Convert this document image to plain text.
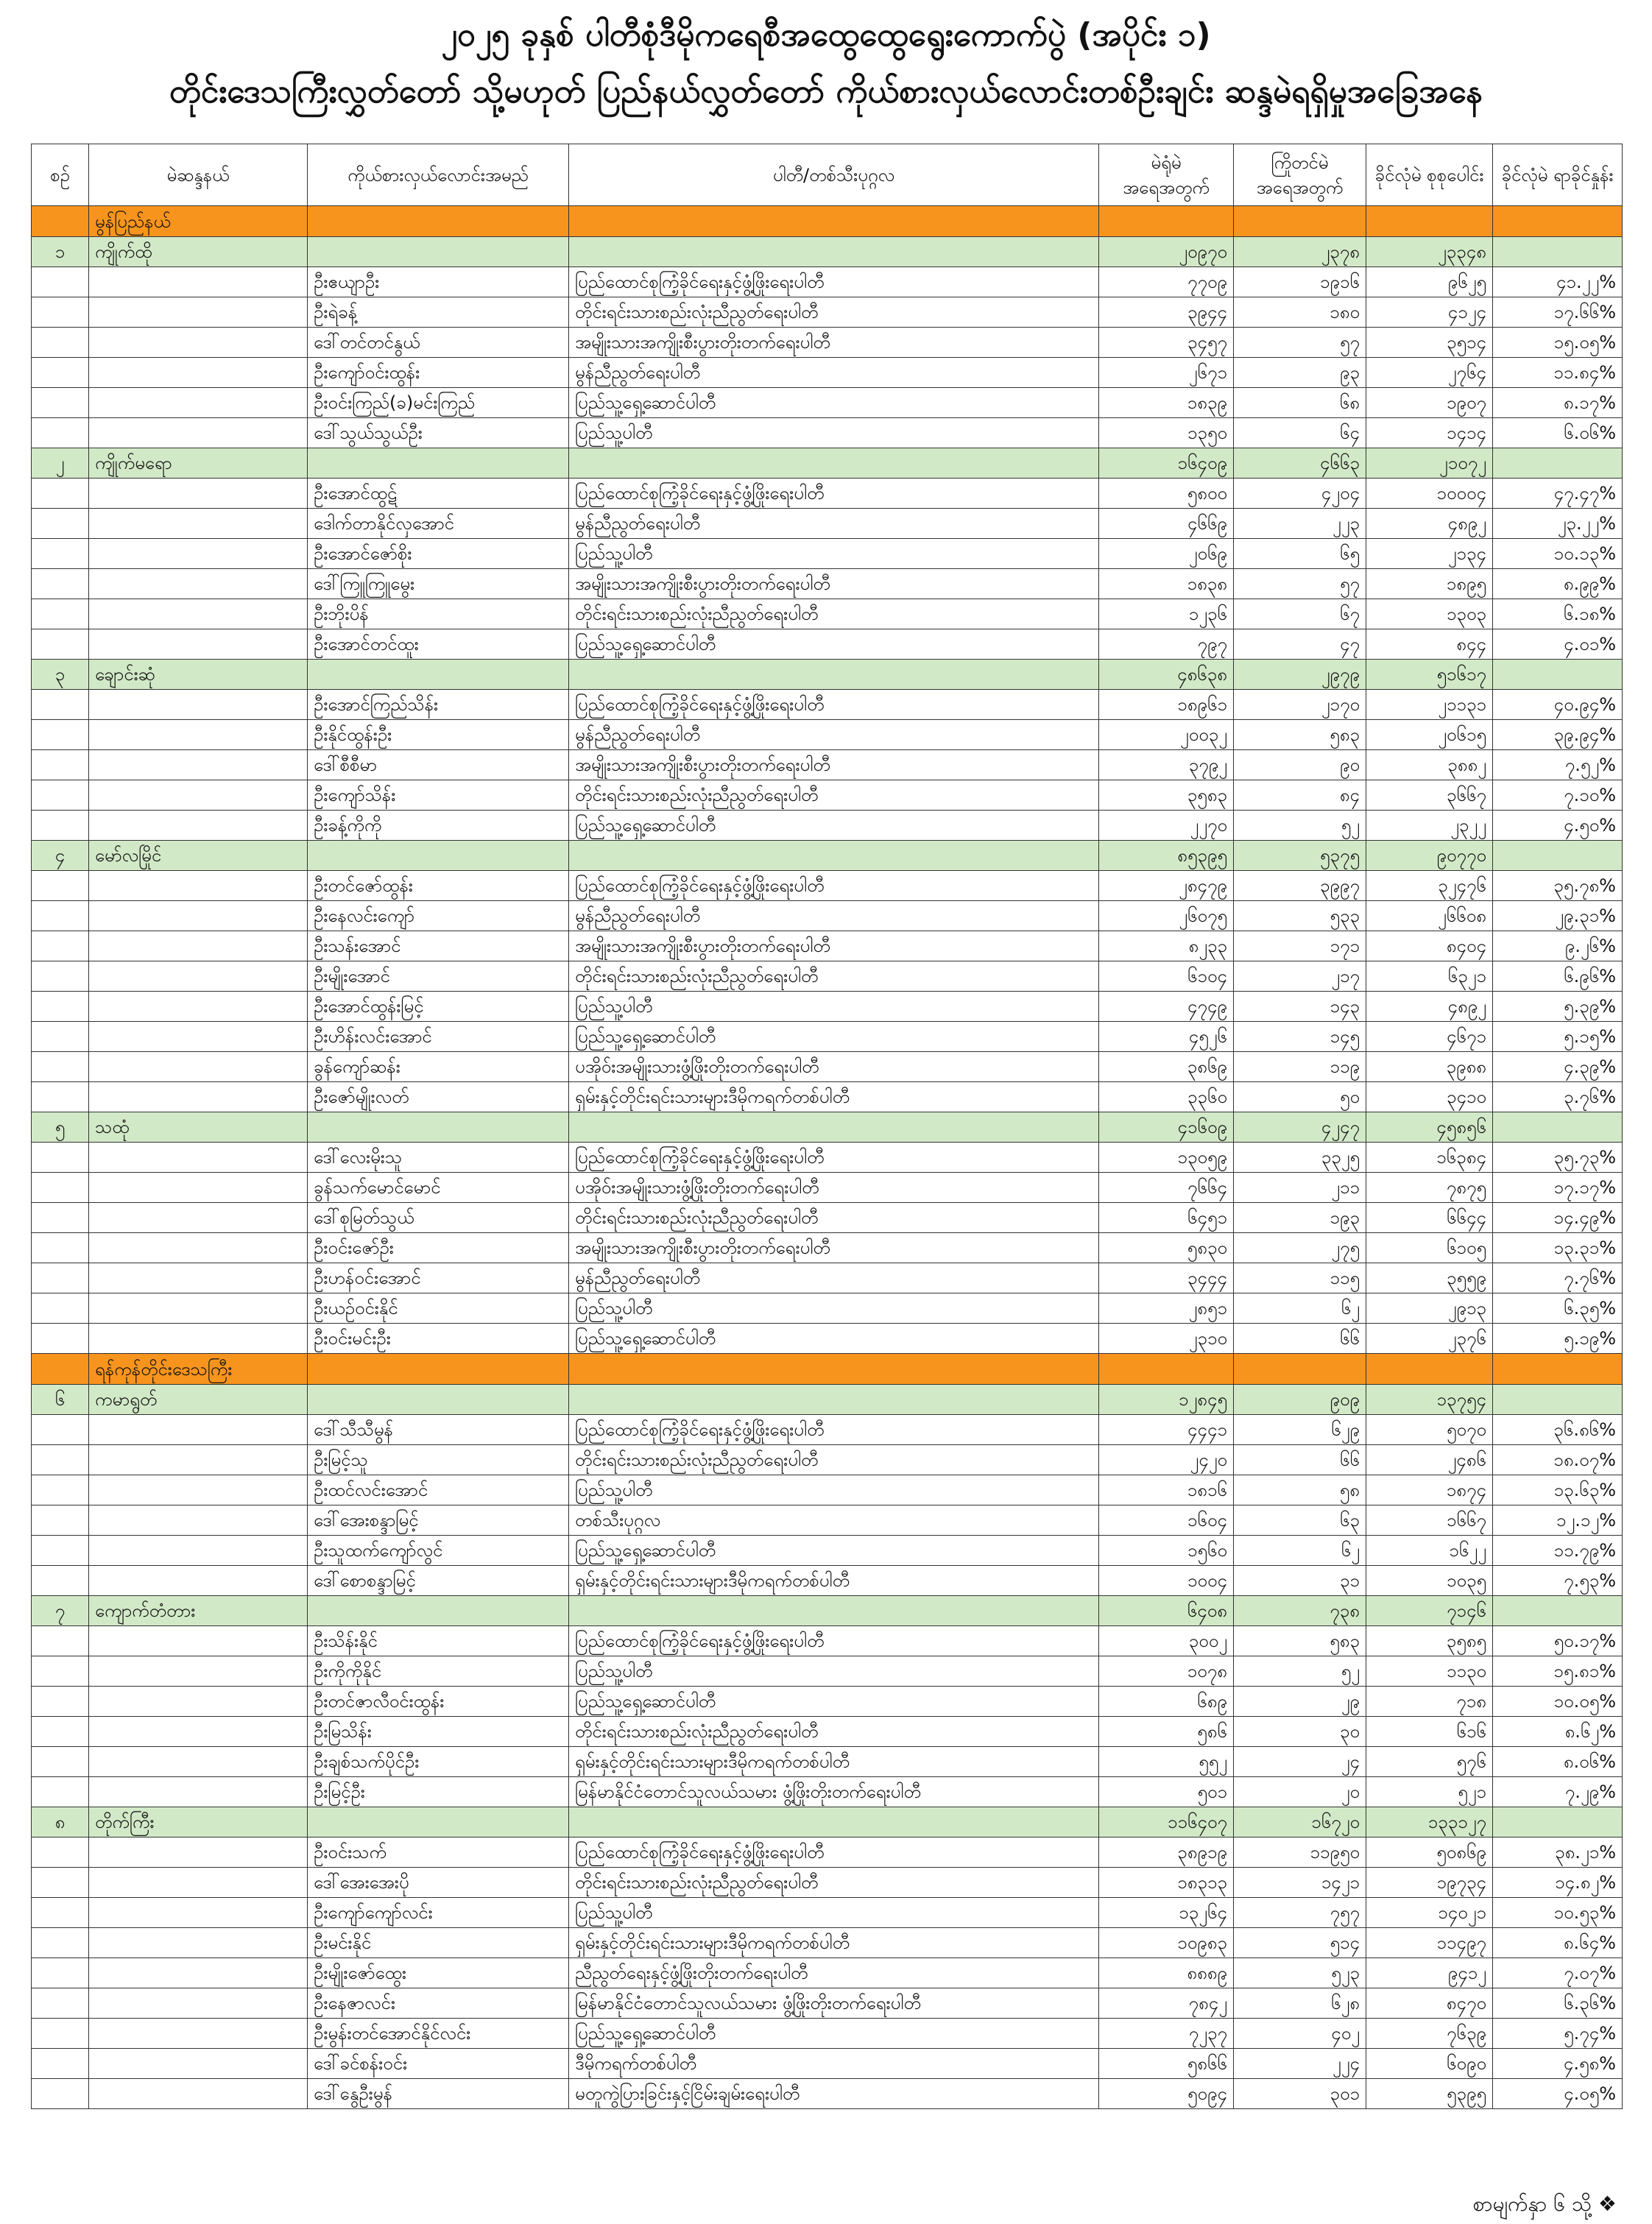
၂၀၂၅ ခုနှစ် ပါတီစုံဒီမိုကရေစီအထွေထွေရွေးကောက်ပွဲ (အပိုင်း ၁)
တိုင်းဒေသကြီးလွှတ်တော် သို့မဟုတ် ပြည်နယ်လွှတ်တော် ကိုယ်စားလှယ်လောင်းတစ်ဦးချင်း ဆန္ဒမဲရရှိမှုအခြေအနေ
စဉ်	မဲဆန္ဒနယ်	ကိုယ်စားလှယ်လောင်းအမည်	ပါတီ/တစ်သီးပုဂ္ဂလ	မဲရုံမဲ အရေအတွက်	ကြိုတင်မဲ အရေအတွက်	ခိုင်လုံမဲ စုစုပေါင်း	ခိုင်လုံမဲ ရာခိုင်နှုန်း
	မွန်ပြည်နယ်						
၁	ကျိုက်ထို			၂၀၉၇၀	၂၃၇၈	၂၃၃၄၈	
		ဦးဧယျာဦး	ပြည်ထောင်စုကြံ့ခိုင်ရေးနှင့်ဖွံ့ဖြိုးရေးပါတီ	၇၇၀၉	၁၉၁၆	၉၆၂၅	၄၁.၂၂%
		ဦးရဲခန့်	တိုင်းရင်းသားစည်းလုံးညီညွတ်ရေးပါတီ	၃၉၄၄	၁၈၀	၄၁၂၄	၁၇.၆၆%
		ဒေါ်တင်တင်နွယ်	အမျိုးသားအကျိုးစီးပွားတိုးတက်ရေးပါတီ	၃၄၅၇	၅၇	၃၅၁၄	၁၅.၀၅%
		ဦးကျော်ဝင်းထွန်း	မွန်ညီညွတ်ရေးပါတီ	၂၆၇၁	၉၃	၂၇၆၄	၁၁.၈၄%
		ဦးဝင်းကြည်(ခ)မင်းကြည်	ပြည်သူ့ရှေ့ဆောင်ပါတီ	၁၈၃၉	၆၈	၁၉၀၇	၈.၁၇%
		ဒေါ်သွယ်သွယ်ဦး	ပြည်သူ့ပါတီ	၁၃၅၀	၆၄	၁၄၁၄	၆.၀၆%
၂	ကျိုက်မရော			၁၆၄၀၉	၄၆၆၃	၂၁၀၇၂	
		ဦးအောင်ထွဋ်	ပြည်ထောင်စုကြံ့ခိုင်ရေးနှင့်ဖွံ့ဖြိုးရေးပါတီ	၅၈၀၀	၄၂၀၄	၁၀၀၀၄	၄၇.၄၇%
		ဒေါက်တာနိုင်လှအောင်	မွန်ညီညွတ်ရေးပါတီ	၄၆၆၉	၂၂၃	၄၈၉၂	၂၃.၂၂%
		ဦးအောင်ဇော်စိုး	ပြည်သူ့ပါတီ	၂၀၆၉	၆၅	၂၁၃၄	၁၀.၁၃%
		ဒေါ်ကြူကြူမွေး	အမျိုးသားအကျိုးစီးပွားတိုးတက်ရေးပါတီ	၁၈၃၈	၅၇	၁၈၉၅	၈.၉၉%
		ဦးဘိုးပိန်	တိုင်းရင်းသားစည်းလုံးညီညွတ်ရေးပါတီ	၁၂၃၆	၆၇	၁၃၀၃	၆.၁၈%
		ဦးအောင်တင်ထူး	ပြည်သူ့ရှေ့ဆောင်ပါတီ	၇၉၇	၄၇	၈၄၄	၄.၀၁%
၃	ချောင်းဆုံ			၄၈၆၃၈	၂၉၇၉	၅၁၆၁၇	
		ဦးအောင်ကြည်သိန်း	ပြည်ထောင်စုကြံ့ခိုင်ရေးနှင့်ဖွံ့ဖြိုးရေးပါတီ	၁၈၉၆၁	၂၁၇၀	၂၁၁၃၁	၄၀.၉၄%
		ဦးနိုင်ထွန်းဦး	မွန်ညီညွတ်ရေးပါတီ	၂၀၀၃၂	၅၈၃	၂၀၆၁၅	၃၉.၉၄%
		ဒေါ်စီစီမာ	အမျိုးသားအကျိုးစီးပွားတိုးတက်ရေးပါတီ	၃၇၉၂	၉၀	၃၈၈၂	၇.၅၂%
		ဦးကျော်သိန်း	တိုင်းရင်းသားစည်းလုံးညီညွတ်ရေးပါတီ	၃၅၈၃	၈၄	၃၆၆၇	၇.၁၀%
		ဦးခန့်ကိုကို	ပြည်သူ့ရှေ့ဆောင်ပါတီ	၂၂၇၀	၅၂	၂၃၂၂	၄.၅၀%
၄	မော်လမြိုင်			၈၅၃၉၅	၅၃၇၅	၉၀၇၇၀	
		ဦးတင်ဇော်ထွန်း	ပြည်ထောင်စုကြံ့ခိုင်ရေးနှင့်ဖွံ့ဖြိုးရေးပါတီ	၂၈၄၇၉	၃၉၉၇	၃၂၄၇၆	၃၅.၇၈%
		ဦးနေလင်းကျော်	မွန်ညီညွတ်ရေးပါတီ	၂၆၀၇၅	၅၃၃	၂၆၆၀၈	၂၉.၃၁%
		ဦးသန်းအောင်	အမျိုးသားအကျိုးစီးပွားတိုးတက်ရေးပါတီ	၈၂၃၃	၁၇၁	၈၄၀၄	၉.၂၆%
		ဦးမျိုးအောင်	တိုင်းရင်းသားစည်းလုံးညီညွတ်ရေးပါတီ	၆၁၀၄	၂၁၇	၆၃၂၁	၆.၉၆%
		ဦးအောင်ထွန်းမြင့်	ပြည်သူ့ပါတီ	၄၇၄၉	၁၄၃	၄၈၉၂	၅.၃၉%
		ဦးဟိန်းလင်းအောင်	ပြည်သူ့ရှေ့ဆောင်ပါတီ	၄၅၂၆	၁၄၅	၄၆၇၁	၅.၁၅%
		ခွန်ကျော်ဆန်း	ပအိုဝ်းအမျိုးသားဖွံ့ဖြိုးတိုးတက်ရေးပါတီ	၃၈၆၉	၁၁၉	၃၉၈၈	၄.၃၉%
		ဦးဇော်မျိုးလတ်	ရှမ်းနှင့်တိုင်းရင်းသားများဒီမိုကရက်တစ်ပါတီ	၃၃၆၀	၅၀	၃၄၁၀	၃.၇၆%
၅	သထုံ			၄၁၆၀၉	၄၂၄၇	၄၅၈၅၆	
		ဒေါ်လေးမိုးသူ	ပြည်ထောင်စုကြံ့ခိုင်ရေးနှင့်ဖွံ့ဖြိုးရေးပါတီ	၁၃၀၅၉	၃၃၂၅	၁၆၃၈၄	၃၅.၇၃%
		ခွန်သက်မောင်မောင်	ပအိုဝ်းအမျိုးသားဖွံ့ဖြိုးတိုးတက်ရေးပါတီ	၇၆၆၄	၂၁၁	၇၈၇၅	၁၇.၁၇%
		ဒေါ်စုမြတ်သွယ်	တိုင်းရင်းသားစည်းလုံးညီညွတ်ရေးပါတီ	၆၄၅၁	၁၉၃	၆၆၄၄	၁၄.၄၉%
		ဦးဝင်းဇော်ဦး	အမျိုးသားအကျိုးစီးပွားတိုးတက်ရေးပါတီ	၅၈၃၀	၂၇၅	၆၁၀၅	၁၃.၃၁%
		ဦးဟန်ဝင်းအောင်	မွန်ညီညွတ်ရေးပါတီ	၃၄၄၄	၁၁၅	၃၅၅၉	၇.၇၆%
		ဦးယဉ်ဝင်းနိုင်	ပြည်သူ့ပါတီ	၂၈၅၁	၆၂	၂၉၁၃	၆.၃၅%
		ဦးဝင်းမင်းဦး	ပြည်သူ့ရှေ့ဆောင်ပါတီ	၂၃၁၀	၆၆	၂၃၇၆	၅.၁၉%
	ရန်ကုန်တိုင်းဒေသကြီး						
၆	ကမာရွတ်			၁၂၈၄၅	၉၀၉	၁၃၇၅၄	
		ဒေါ်သီသီမွန်	ပြည်ထောင်စုကြံ့ခိုင်ရေးနှင့်ဖွံ့ဖြိုးရေးပါတီ	၄၄၄၁	၆၂၉	၅၀၇၀	၃၆.၈၆%
		ဦးမြင့်သူ	တိုင်းရင်းသားစည်းလုံးညီညွတ်ရေးပါတီ	၂၄၂၀	၆၆	၂၄၈၆	၁၈.၀၇%
		ဦးထင်လင်းအောင်	ပြည်သူ့ပါတီ	၁၈၁၆	၅၈	၁၈၇၄	၁၃.၆၃%
		ဒေါ်အေးစန္ဒာမြင့်	တစ်သီးပုဂ္ဂလ	၁၆၀၄	၆၃	၁၆၆၇	၁၂.၁၂%
		ဦးသူထက်ကျော်လွင်	ပြည်သူ့ရှေ့ဆောင်ပါတီ	၁၅၆၀	၆၂	၁၆၂၂	၁၁.၇၉%
		ဒေါ်စောစန္ဒာမြင့်	ရှမ်းနှင့်တိုင်းရင်းသားများဒီမိုကရက်တစ်ပါတီ	၁၀၀၄	၃၁	၁၀၃၅	၇.၅၃%
၇	ကျောက်တံတား			၆၄၀၈	၇၃၈	၇၁၄၆	
		ဦးသိန်းနိုင်	ပြည်ထောင်စုကြံ့ခိုင်ရေးနှင့်ဖွံ့ဖြိုးရေးပါတီ	၃၀၀၂	၅၈၃	၃၅၈၅	၅၀.၁၇%
		ဦးကိုကိုနိုင်	ပြည်သူ့ပါတီ	၁၀၇၈	၅၂	၁၁၃၀	၁၅.၈၁%
		ဦးတင်ဇာလီဝင်းထွန်း	ပြည်သူ့ရှေ့ဆောင်ပါတီ	၆၈၉	၂၉	၇၁၈	၁၀.၀၅%
		ဦးမြသိန်း	တိုင်းရင်းသားစည်းလုံးညီညွတ်ရေးပါတီ	၅၈၆	၃၀	၆၁၆	၈.၆၂%
		ဦးချစ်သက်ပိုင်ဦး	ရှမ်းနှင့်တိုင်းရင်းသားများဒီမိုကရက်တစ်ပါတီ	၅၅၂	၂၄	၅၇၆	၈.၀၆%
		ဦးမြင့်ဦး	မြန်မာနိုင်ငံတောင်သူလယ်သမား ဖွံ့ဖြိုးတိုးတက်ရေးပါတီ	၅၀၁	၂၀	၅၂၁	၇.၂၉%
၈	တိုက်ကြီး			၁၁၆၄၀၇	၁၆၇၂၀	၁၃၃၁၂၇	
		ဦးဝင်းသက်	ပြည်ထောင်စုကြံ့ခိုင်ရေးနှင့်ဖွံ့ဖြိုးရေးပါတီ	၃၈၉၁၉	၁၁၉၅၀	၅၀၈၆၉	၃၈.၂၁%
		ဒေါ်အေးအေးပို	တိုင်းရင်းသားစည်းလုံးညီညွတ်ရေးပါတီ	၁၈၃၁၃	၁၄၂၁	၁၉၇၃၄	၁၄.၈၂%
		ဦးကျော်ကျော်လင်း	ပြည်သူ့ပါတီ	၁၃၂၆၄	၇၅၇	၁၄၀၂၁	၁၀.၅၃%
		ဦးမင်းနိုင်	ရှမ်းနှင့်တိုင်းရင်းသားများဒီမိုကရက်တစ်ပါတီ	၁၀၉၈၃	၅၁၄	၁၁၄၉၇	၈.၆၄%
		ဦးမျိုးဇော်ထွေး	ညီညွတ်ရေးနှင့်ဖွံ့ဖြိုးတိုးတက်ရေးပါတီ	၈၈၈၉	၅၂၃	၉၄၁၂	၇.၀၇%
		ဦးနေဇာလင်း	မြန်မာနိုင်ငံတောင်သူလယ်သမား ဖွံ့ဖြိုးတိုးတက်ရေးပါတီ	၇၈၄၂	၆၂၈	၈၄၇၀	၆.၃၆%
		ဦးမွန်းတင်အောင်နိုင်လင်း	ပြည်သူ့ရှေ့ဆောင်ပါတီ	၇၂၃၇	၄၀၂	၇၆၃၉	၅.၇၄%
		ဒေါ်ခင်စန်းဝင်း	ဒီမိုကရက်တစ်ပါတီ	၅၈၆၆	၂၂၄	၆၀၉၀	၄.၅၈%
		ဒေါ်နွေဦးမွန်	မတူကွဲပြားခြင်းနှင့်ငြိမ်းချမ်းရေးပါတီ	၅၀၉၄	၃၀၁	၅၃၉၅	၄.၀၅%
စာမျက်နှာ ၆ သို့ ❖
